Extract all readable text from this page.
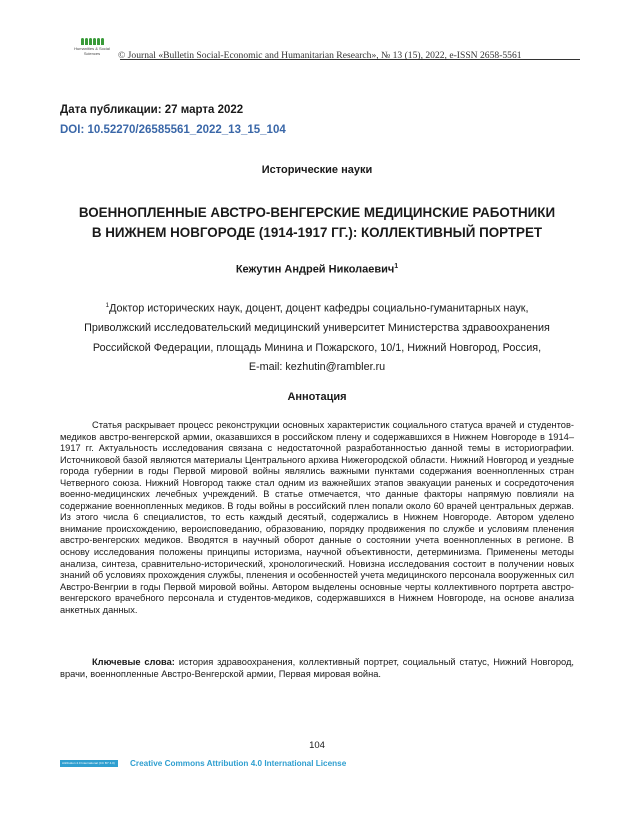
Humanities & Social Sciences	© Journal «Bulletin Social-Economic and Humanitarian Research», № 13 (15), 2022, e-ISSN 2658-5561
Дата публикации: 27 марта 2022
DOI: 10.52270/26585561_2022_13_15_104
Исторические науки
ВОЕННОПЛЕННЫЕ АВСТРО-ВЕНГЕРСКИЕ МЕДИЦИНСКИЕ РАБОТНИКИ
В НИЖНЕМ НОВГОРОДЕ (1914-1917 ГГ.): КОЛЛЕКТИВНЫЙ ПОРТРЕТ
Кежутин Андрей Николаевич$^1$
$^1$Доктор исторических наук, доцент, доцент кафедры социально-гуманитарных наук,
Приволжский исследовательский медицинский университет Министерства здравоохранения
Российской Федерации, площадь Минина и Пожарского, 10/1, Нижний Новгород, Россия,
E-mail: kezhutin@rambler.ru
Аннотация

Статья раскрывает процесс реконструкции основных характеристик социального статуса врачей и студентов-медиков австро-венгерской армии, оказавшихся в российском плену и содержавшихся в Нижнем Новгороде в 1914–1917 гг. Актуальность исследования связана с недостаточной разработанностью данной темы в историографии. Источниковой базой являются материалы Центрального архива Нижегородской области. Нижний Новгород и уездные города губернии в годы Первой мировой войны являлись важными пунктами содержания военнопленных стран Четверного союза. Нижний Новгород также стал одним из важнейших этапов эвакуации раненых и сосредоточения военно-медицинских лечебных учреждений. В статье отмечается, что данные факторы напрямую повлияли на содержание военнопленных медиков. В годы войны в российский плен попали около 60 врачей центральных держав. Из этого числа 6 специалистов, то есть каждый десятый, содержались в Нижнем Новгороде. Автором уделено внимание происхождению, вероисповеданию, образованию, порядку продвижения по службе и условиям пленения австро-венгерских медиков. Вводятся в научный оборот данные о состоянии учета военнопленных в регионе. В основу исследования положены принципы историзма, научной объективности, детерминизма. Применены методы анализа, синтеза, сравнительно-исторический, хронологический. Новизна исследования состоит в получении новых знаний об условиях прохождения службы, пленения и особенностей учета медицинского персонала вооруженных сил Австро-Венгрии в годы Первой мировой войны. Автором выделены основные черты коллективного портрета австро-венгерского врачебного персонала и студентов-медиков, содержавшихся в Нижнем Новгороде, на основе анализа анкетных данных.

Ключевые слова: история здравоохранения, коллективный портрет, социальный статус, Нижний Новгород, врачи, военнопленные Австро-Венгерской армии, Первая мировая война.

104
Attribution 4.0 International (CC BY 4.0)	Creative Commons Attribution 4.0 International License
